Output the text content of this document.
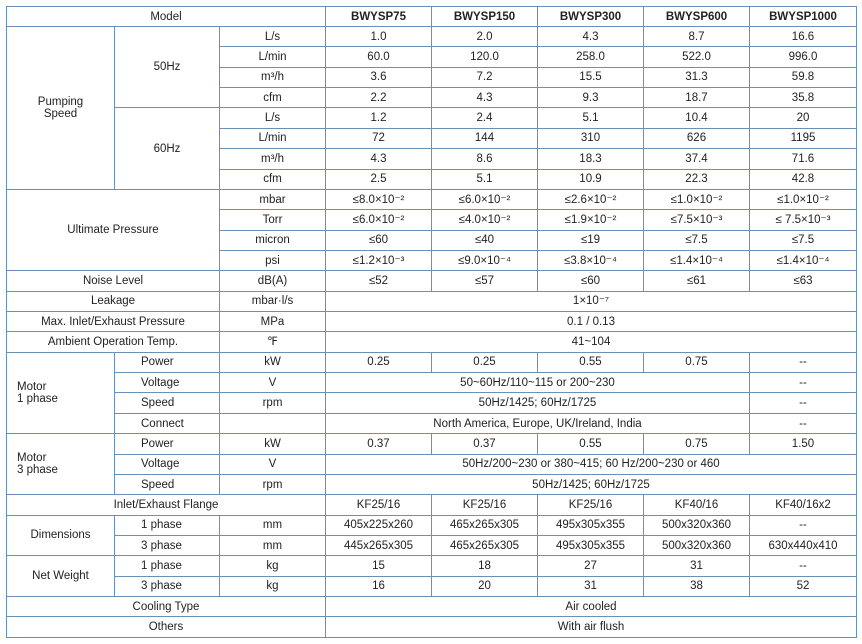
Model			BWYSP75	BWYSP150	BWYSP300	BWYSP600	BWYSP1000
Pumping
Speed	50Hz	L/s	1.0	2.0	4.3	8.7	16.6
		L/min	60.0	120.0	258.0	522.0	996.0
		m³/h	3.6	7.2	15.5	31.3	59.8
		cfm	2.2	4.3	9.3	18.7	35.8
	60Hz	L/s	1.2	2.4	5.1	10.4	20
		L/min	72	144	310	626	1195
		m³/h	4.3	8.6	18.3	37.4	71.6
		cfm	2.5	5.1	10.9	22.3	42.8
Ultimate Pressure		mbar	≤8.0×10⁻²	≤6.0×10⁻²	≤2.6×10⁻²	≤1.0×10⁻²	≤1.0×10⁻²
		Torr	≤6.0×10⁻²	≤4.0×10⁻²	≤1.9×10⁻²	≤7.5×10⁻³	≤ 7.5×10⁻³
		micron	≤60	≤40	≤19	≤7.5	≤7.5
		psi	≤1.2×10⁻³	≤9.0×10⁻⁴	≤3.8×10⁻⁴	≤1.4×10⁻⁴	≤1.4×10⁻⁴
Noise Level		dB(A)	≤52	≤57	≤60	≤61	≤63
Leakage		mbar·l/s	1×10⁻⁷				
Max. Inlet/Exhaust Pressure		MPa	0.1 / 0.13				
Ambient Operation Temp.		℉	41~104				
Motor
1 phase	Power	kW	0.25	0.25	0.55	0.75	--
	Voltage	V	50~60Hz/110~115 or 200~230				--
	Speed	rpm	50Hz/1425; 60Hz/1725				--
	Connect		North America, Europe, UK/Ireland, India				--
Motor
3 phase	Power	kW	0.37	0.37	0.55	0.75	1.50
	Voltage	V	50Hz/200~230 or 380~415; 60 Hz/200~230 or 460				
	Speed	rpm	50Hz/1425; 60Hz/1725				
Inlet/Exhaust Flange			KF25/16	KF25/16	KF25/16	KF40/16	KF40/16x2
Dimensions	1 phase	mm	405x225x260	465x265x305	495x305x355	500x320x360	--
	3 phase	mm	445x265x305	465x265x305	495x305x355	500x320x360	630x440x410
Net Weight	1 phase	kg	15	18	27	31	--
	3 phase	kg	16	20	31	38	52
Cooling Type			Air cooled				
Others			With air flush				
